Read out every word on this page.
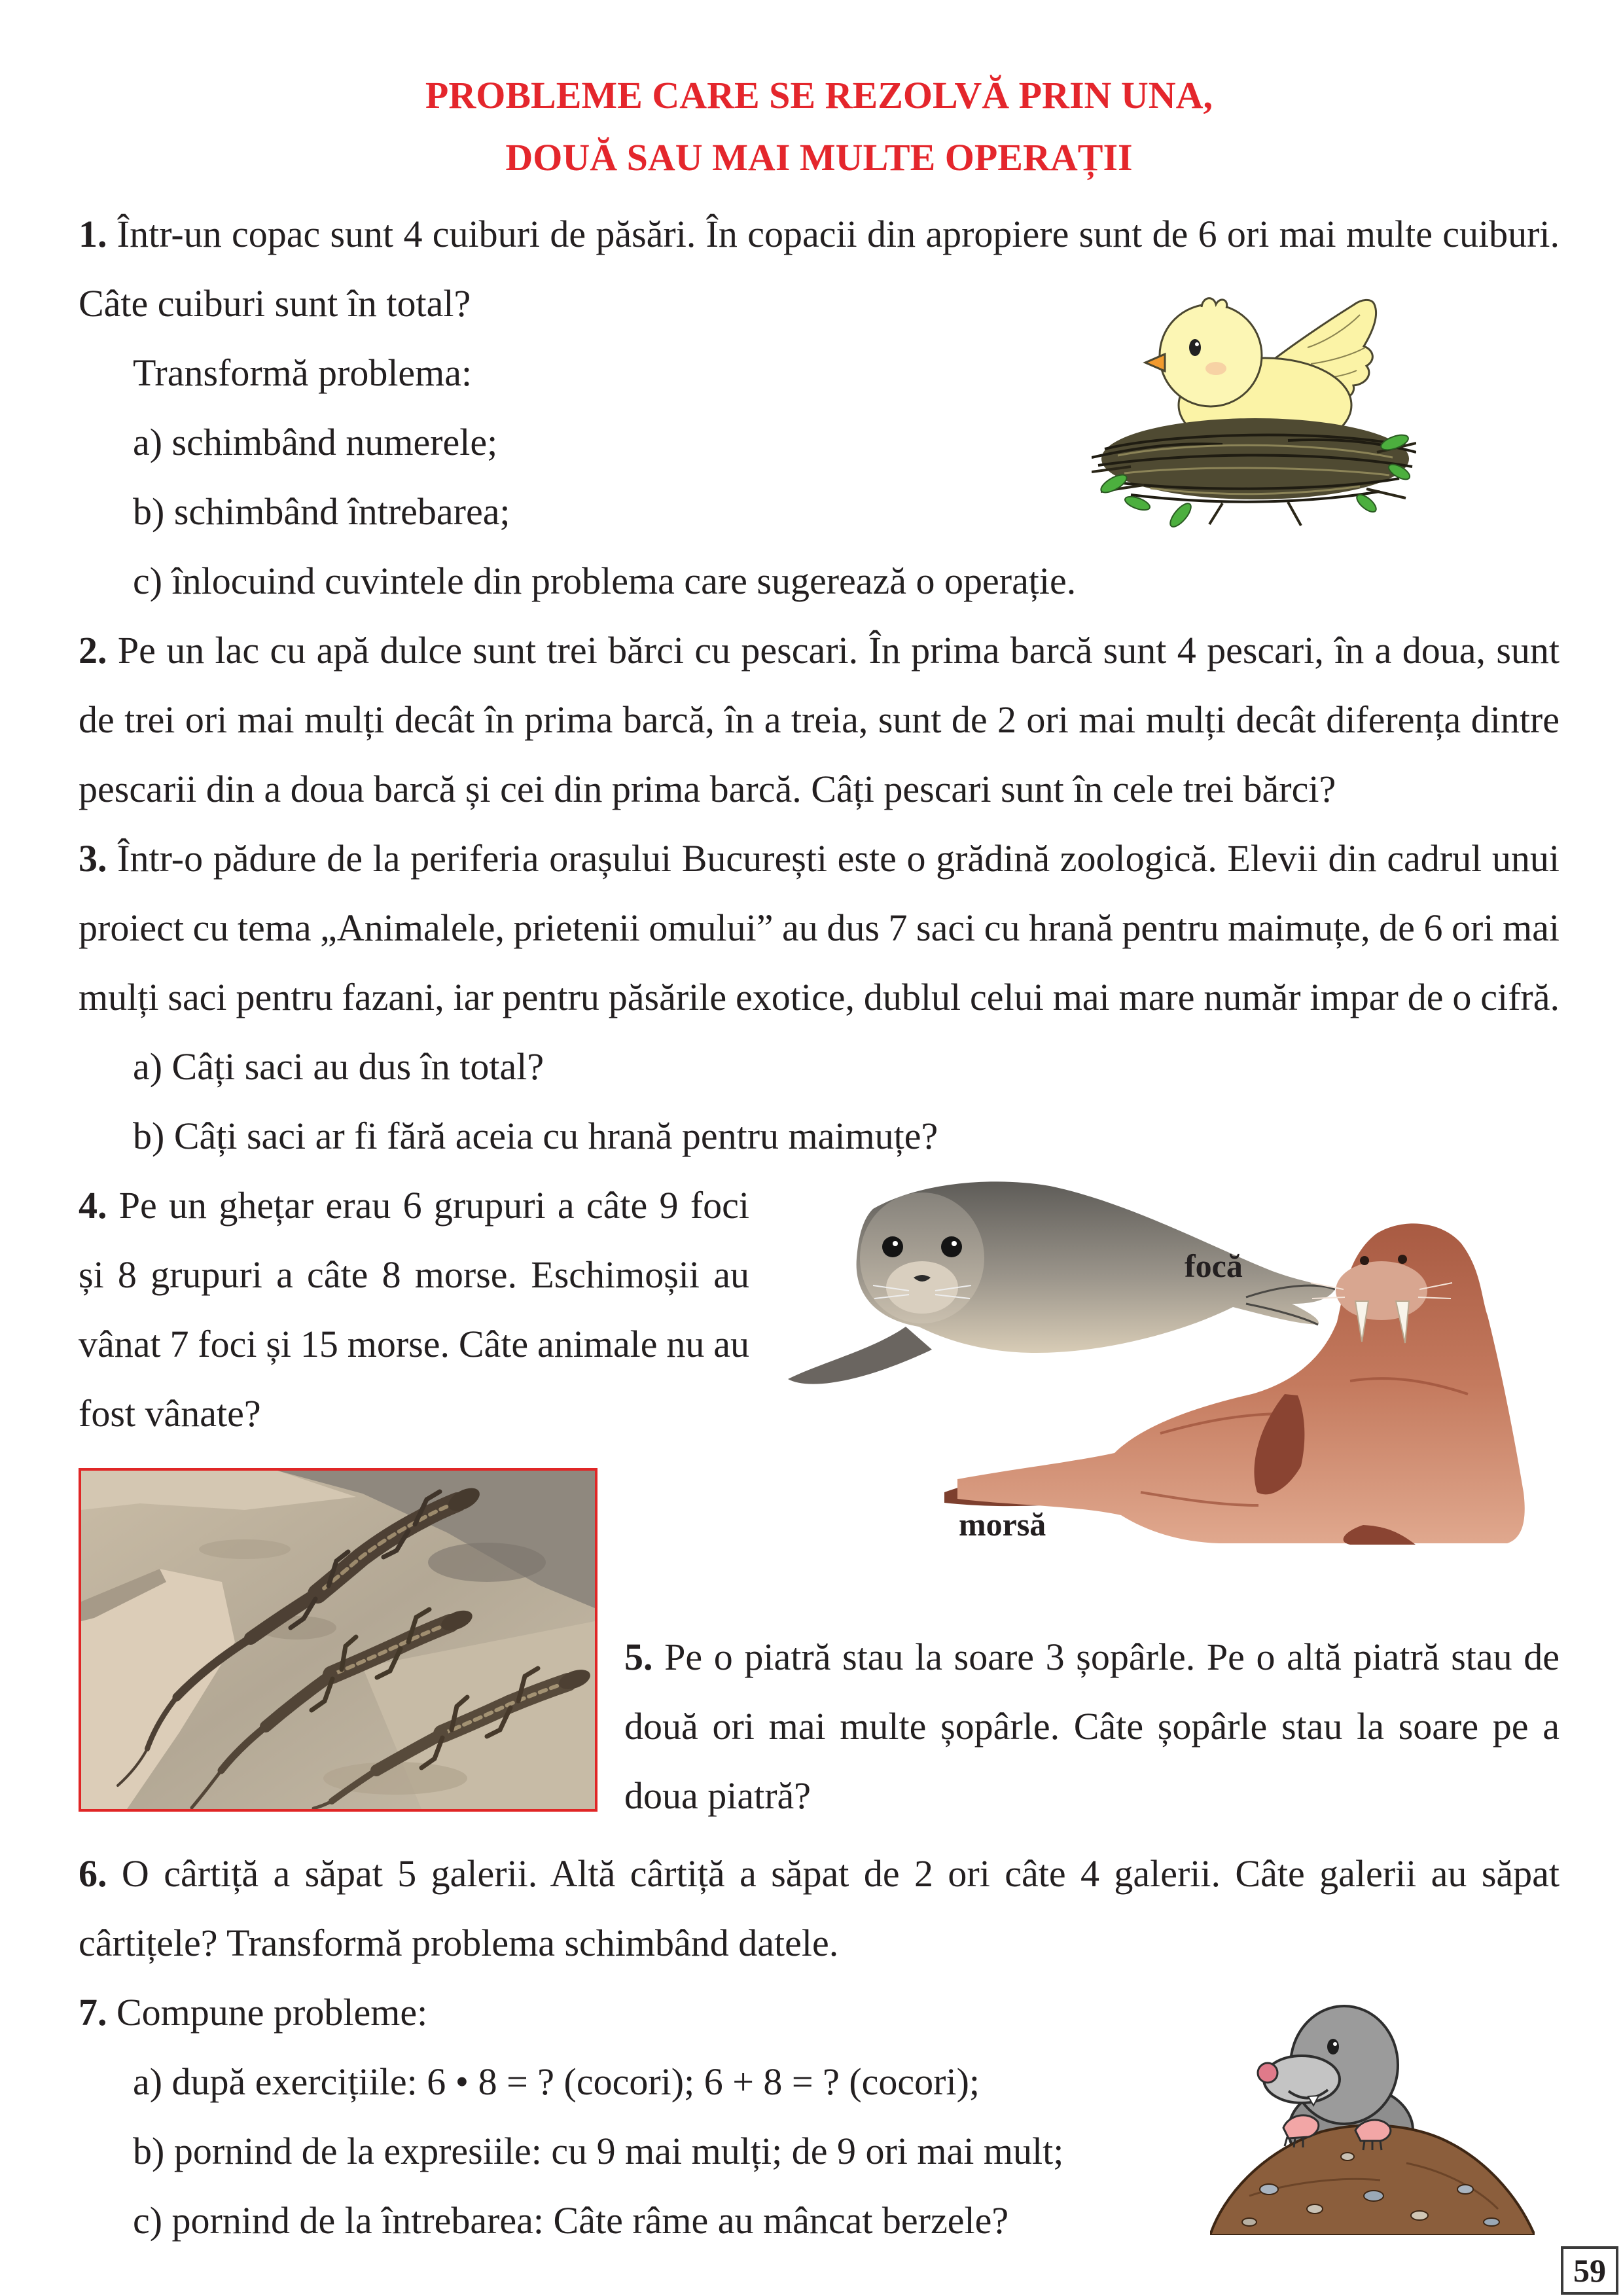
PROBLEME CARE SE REZOLVĂ PRIN UNA,
DOUĂ SAU MAI MULTE OPERAȚII
1. Într-un copac sunt 4 cuiburi de păsări. În copacii din apropiere sunt de 6 ori mai multe cuiburi.
Câte cuiburi sunt în total?
Transformă problema:
a) schimbând numerele;
b) schimbând întrebarea;
c) înlocuind cuvintele din problema care sugerează o operație.
2. Pe un lac cu apă dulce sunt trei bărci cu pescari. În prima barcă sunt 4 pescari, în a doua, sunt
de trei ori mai mulți decât în prima barcă, în a treia, sunt de 2 ori mai mulți decât diferența dintre
pescarii din a doua barcă și cei din prima barcă. Câți pescari sunt în cele trei bărci?
3. Într-o pădure de la periferia orașului București este o grădină zoologică. Elevii din cadrul unui
proiect cu tema „Animalele, prietenii omului” au dus 7 saci cu hrană pentru maimuțe, de 6 ori mai
mulți saci pentru fazani, iar pentru păsările exotice, dublul celui mai mare număr impar de o cifră.
a) Câți saci au dus în total?
b) Câți saci ar fi fără aceia cu hrană pentru maimuțe?
4. Pe un ghețar erau 6 grupuri a câte 9 foci
și 8 grupuri a câte 8 morse. Eschimoșii au
vânat 7 foci și 15 morse. Câte animale nu au
fost vânate?
5. Pe o piatră stau la soare 3 șopârle. Pe o altă piatră stau de
două ori mai multe șopârle. Câte șopârle stau la soare pe a
doua piatră?
6. O cârtiță a săpat 5 galerii. Altă cârtiță a săpat de 2 ori câte 4 galerii. Câte galerii au săpat
cârtițele? Transformă problema schimbând datele.
7. Compune probleme:
a) după exercițiile: 6 • 8 = ? (cocori); 6 + 8 = ? (cocori);
b) pornind de la expresiile: cu 9 mai mulți; de 9 ori mai mult;
c) pornind de la întrebarea: Câte râme au mâncat berzele?
focă
morsă
59
